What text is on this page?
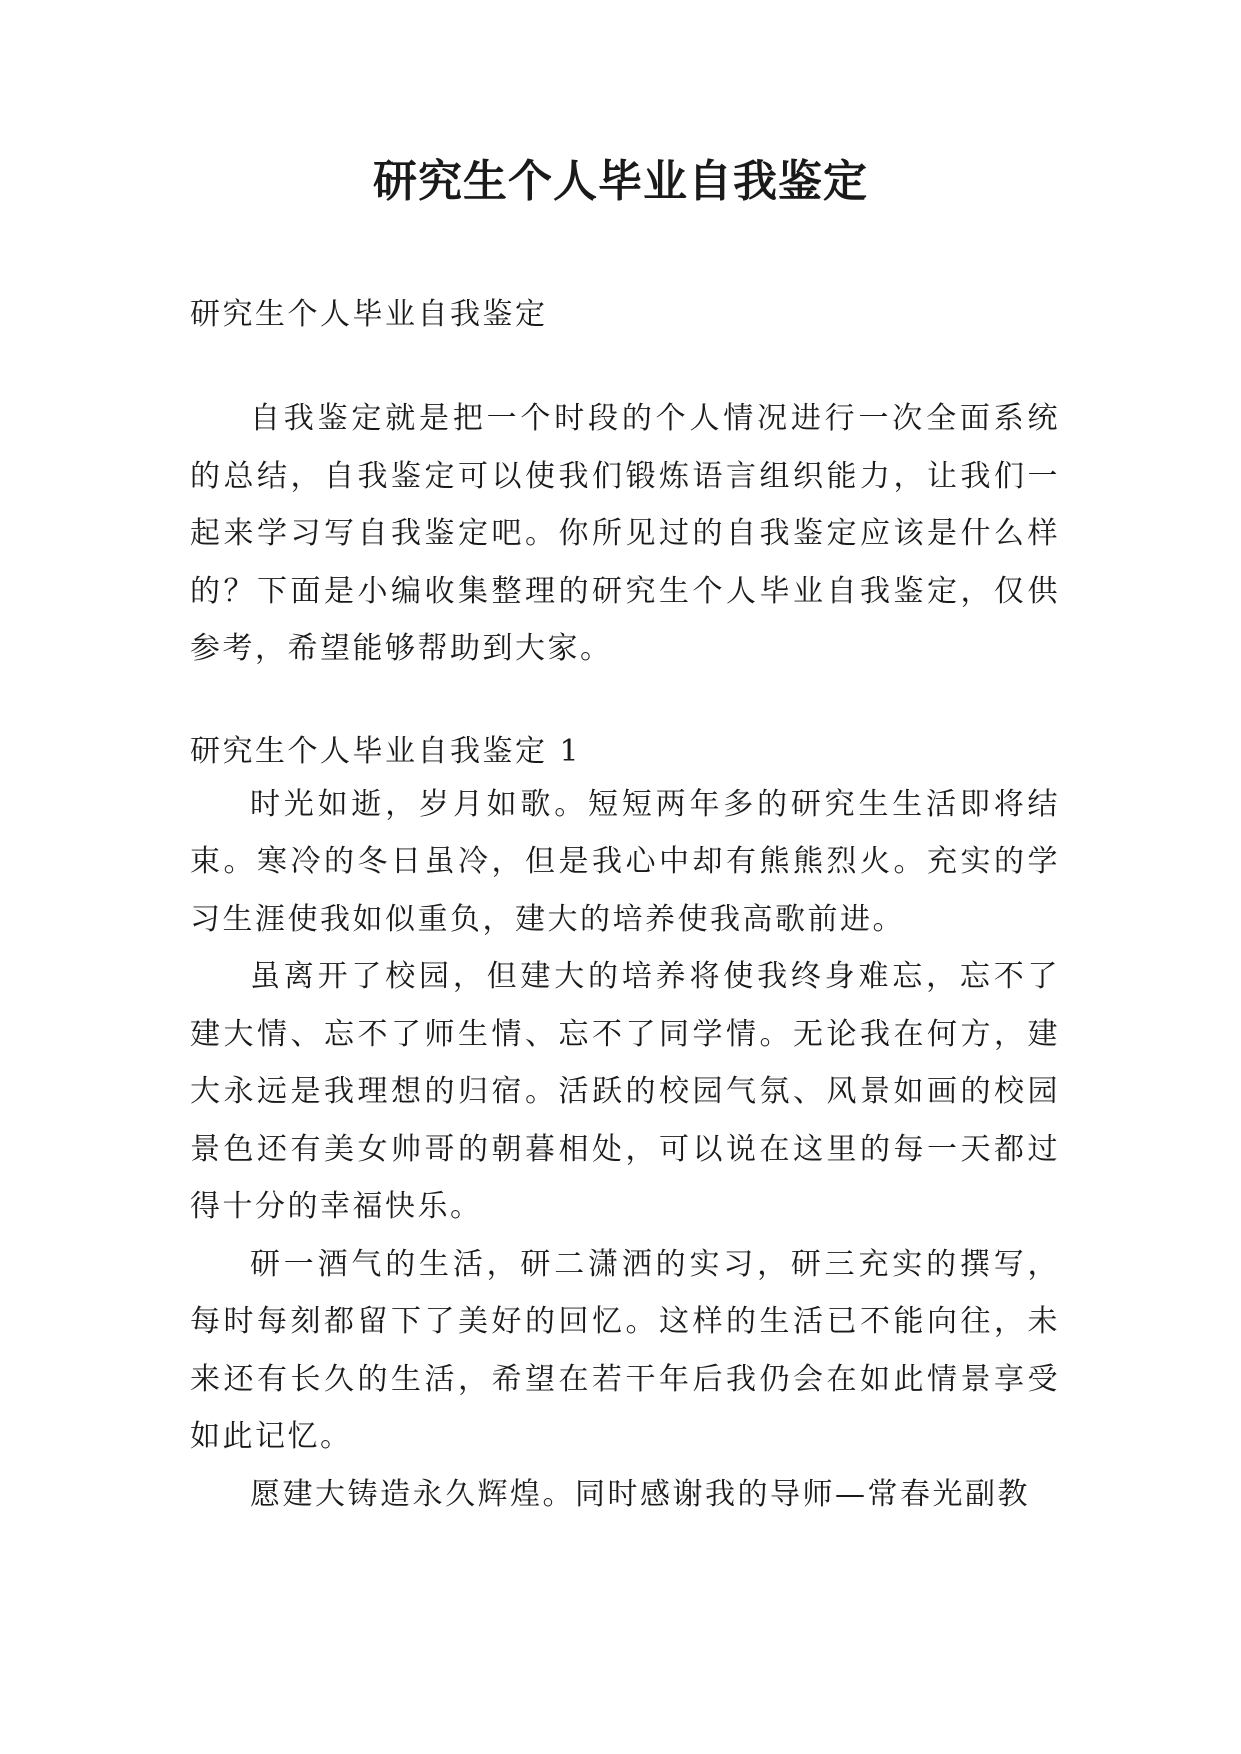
研究生个人毕业自我鉴定
研究生个人毕业自我鉴定

自我鉴定就是把一个时段的个人情况进行一次全面系统的总结，自我鉴定可以使我们锻炼语言组织能力，让我们一起来学习写自我鉴定吧。你所见过的自我鉴定应该是什么样的？下面是小编收集整理的研究生个人毕业自我鉴定，仅供参考，希望能够帮助到大家。

研究生个人毕业自我鉴定 1

时光如逝，岁月如歌。短短两年多的研究生生活即将结束。寒冷的冬日虽冷，但是我心中却有熊熊烈火。充实的学习生涯使我如似重负，建大的培养使我高歌前进。

虽离开了校园，但建大的培养将使我终身难忘，忘不了建大情、忘不了师生情、忘不了同学情。无论我在何方，建大永远是我理想的归宿。活跃的校园气氛、风景如画的校园景色还有美女帅哥的朝暮相处，可以说在这里的每一天都过得十分的幸福快乐。

研一酒气的生活，研二潇洒的实习，研三充实的撰写，每时每刻都留下了美好的回忆。这样的生活已不能向往，未来还有长久的生活，希望在若干年后我仍会在如此情景享受如此记忆。

愿建大铸造永久辉煌。同时感谢我的导师—常春光副教
